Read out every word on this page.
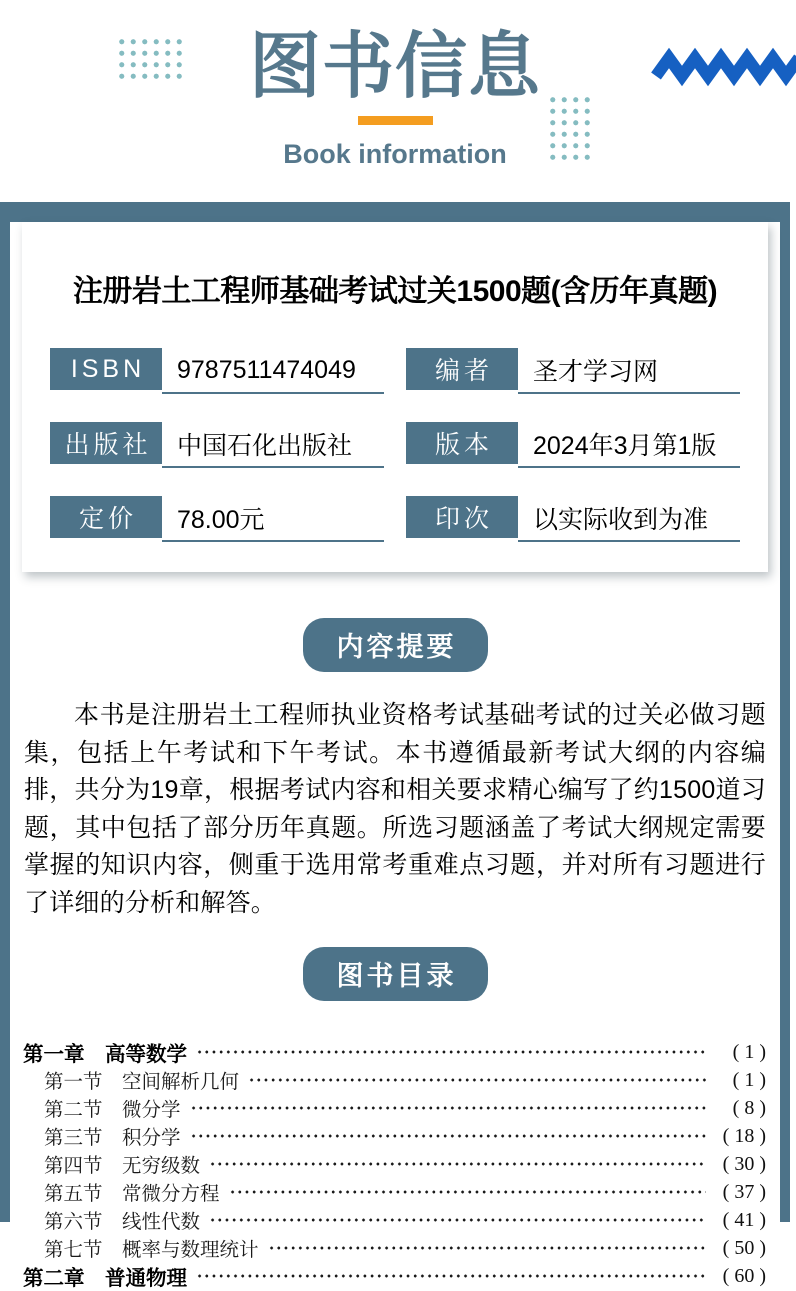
图书信息
Book information
注册岩土工程师基础考试过关1500题(含历年真题)
ISBN	9787511474049	编者	圣才学习网
出版社	中国石化出版社	版本	2024年3月第1版
定价	78.00元	印次	以实际收到为准
内容提要

本书是注册岩土工程师执业资格考试基础考试的过关必做习题集，包括上午考试和下午考试。本书遵循最新考试大纲的内容编排，共分为19章，根据考试内容和相关要求精心编写了约1500道习题，其中包括了部分历年真题。所选习题涵盖了考试大纲规定需要掌握的知识内容，侧重于选用常考重难点习题，并对所有习题进行了详细的分析和解答。

图书目录
第一章　高等数学	( 1 )
第一节　空间解析几何	( 1 )
第二节　微分学	( 8 )
第三节　积分学	( 18 )
第四节　无穷级数	( 30 )
第五节　常微分方程	( 37 )
第六节　线性代数	( 41 )
第七节　概率与数理统计	( 50 )
第二章　普通物理	( 60 )
